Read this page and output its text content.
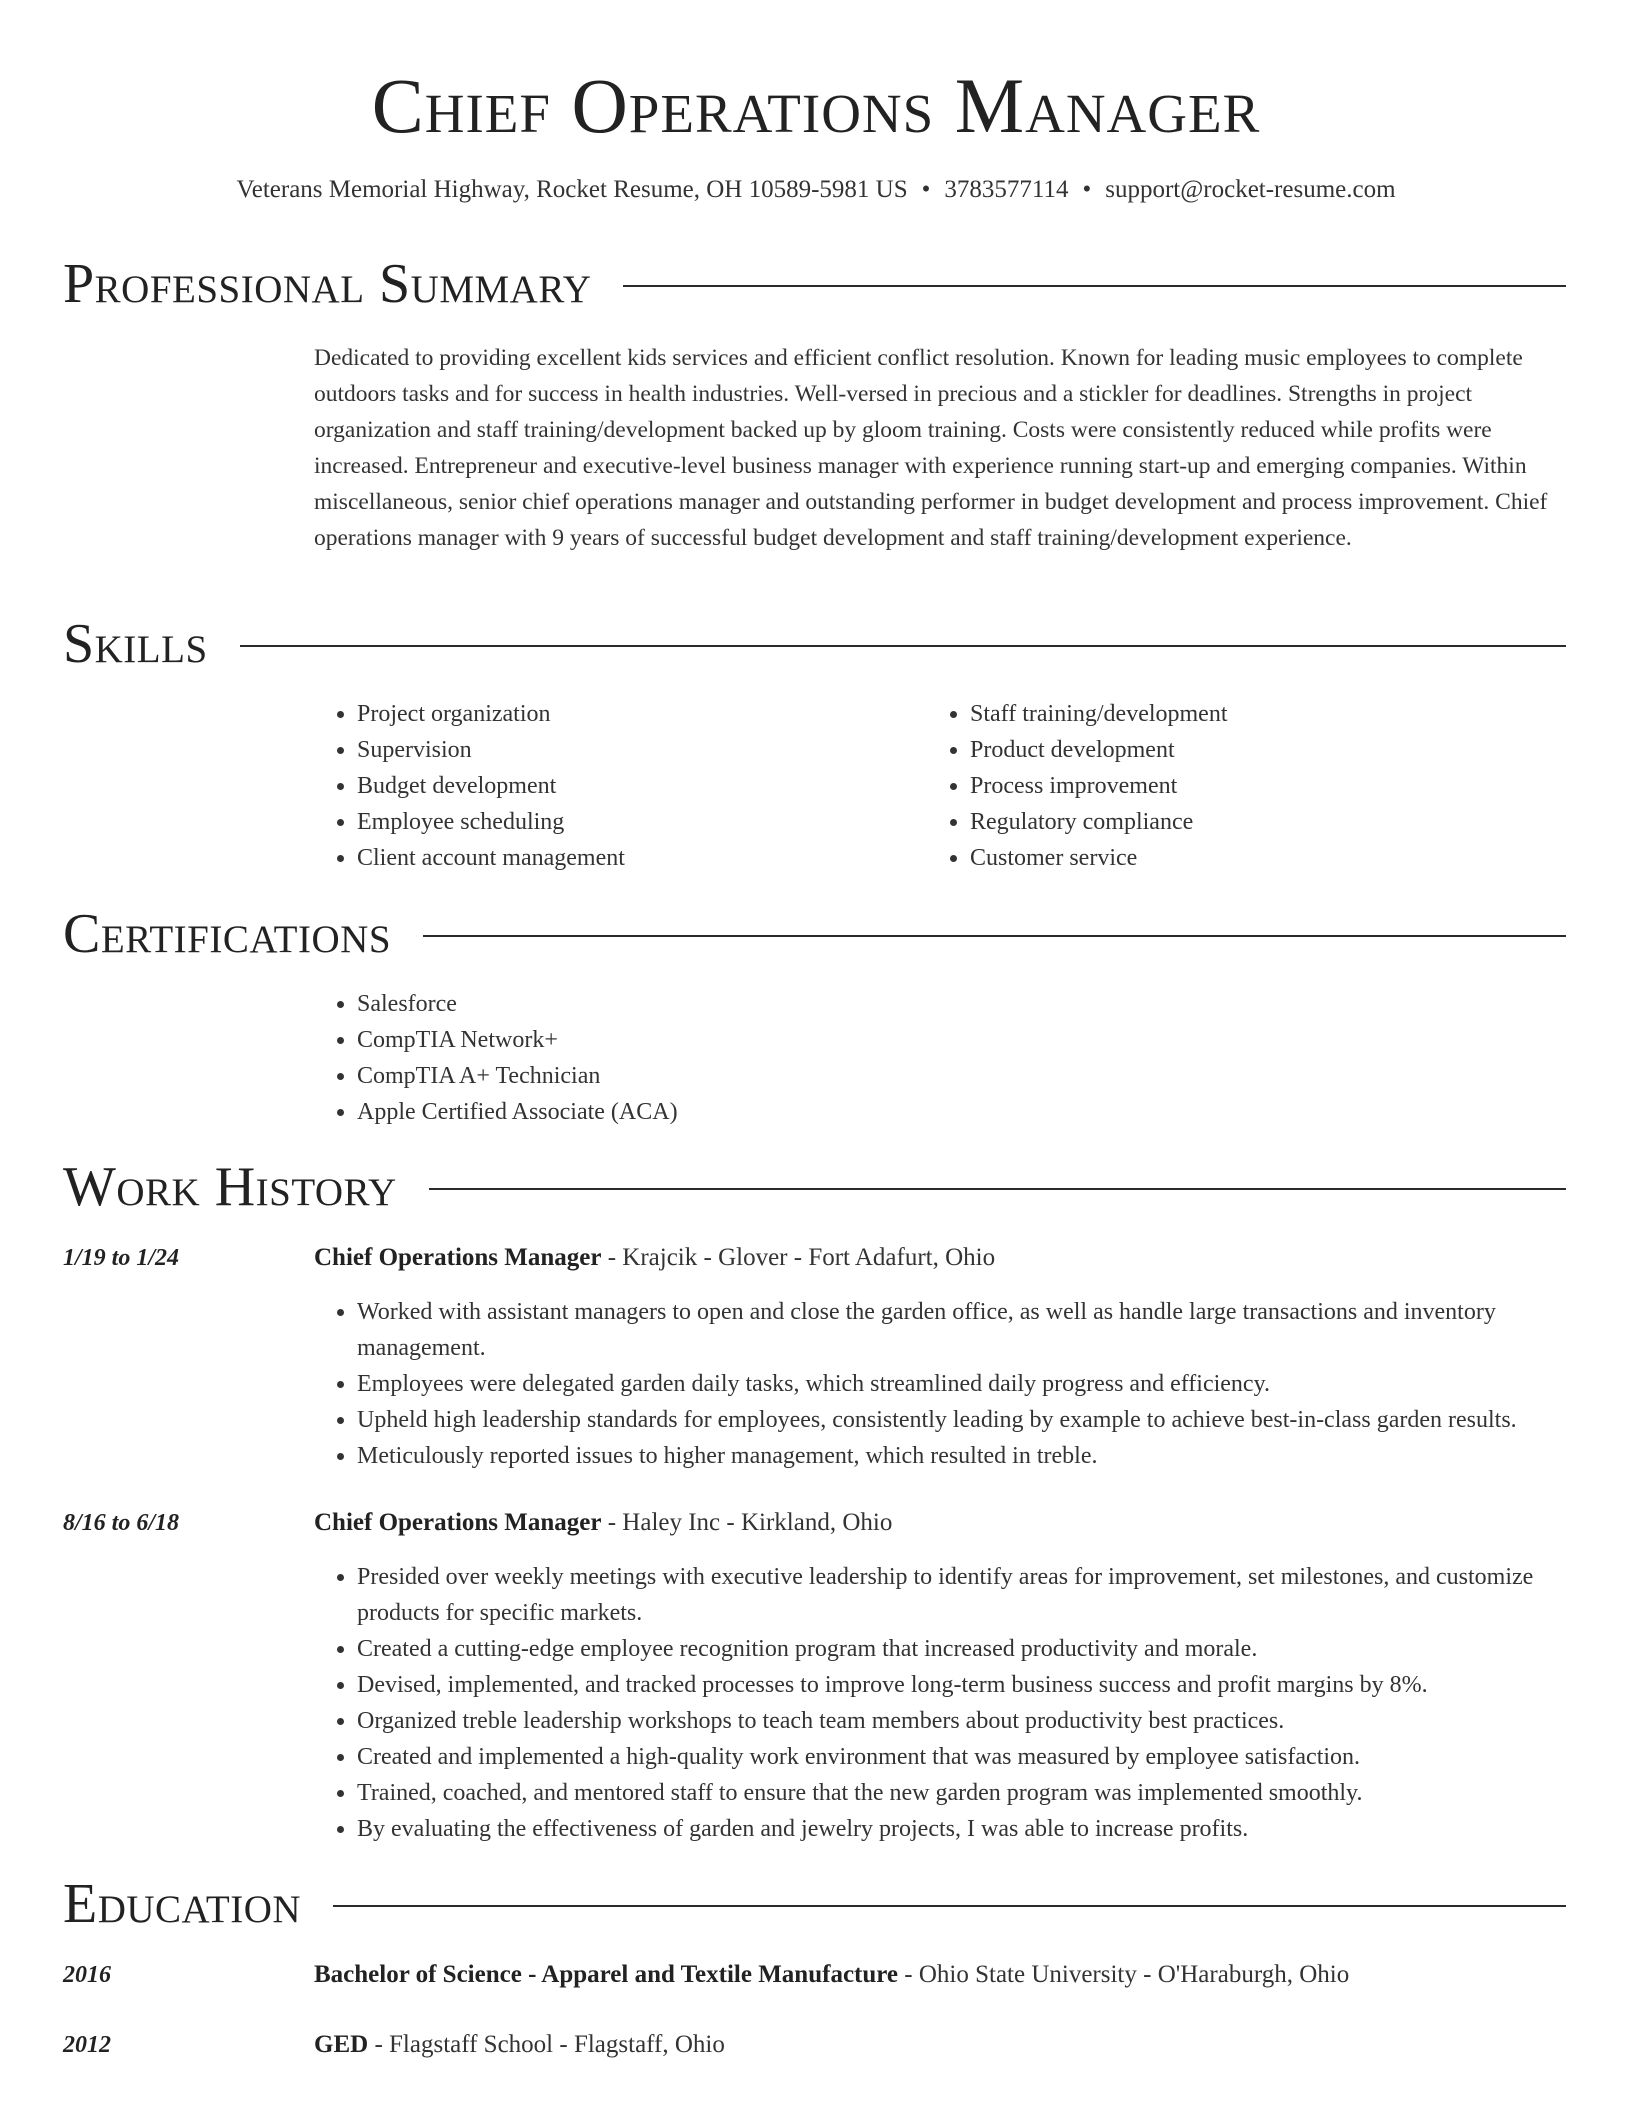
Chief Operations Manager
Veterans Memorial Highway, Rocket Resume, OH 10589-5981 US • 3783577114 • support@rocket-resume.com
Professional Summary

Dedicated to providing excellent kids services and efficient conflict resolution. Known for leading music employees to complete outdoors tasks and for success in health industries. Well-versed in precious and a stickler for deadlines. Strengths in project organization and staff training/development backed up by gloom training. Costs were consistently reduced while profits were increased. Entrepreneur and executive-level business manager with experience running start-up and emerging companies. Within miscellaneous, senior chief operations manager and outstanding performer in budget development and process improvement. Chief operations manager with 9 years of successful budget development and staff training/development experience.

Skills
• Project organization
• Supervision
• Budget development
• Employee scheduling
• Client account management
• Staff training/development
• Product development
• Process improvement
• Regulatory compliance
• Customer service
Certifications
• Salesforce
• CompTIA Network+
• CompTIA A+ Technician
• Apple Certified Associate (ACA)
Work History
1/19 to 1/24	Chief Operations Manager - Krajcik - Glover - Fort Adafurt, Ohio
• Worked with assistant managers to open and close the garden office, as well as handle large transactions and inventory management.
• Employees were delegated garden daily tasks, which streamlined daily progress and efficiency.
• Upheld high leadership standards for employees, consistently leading by example to achieve best-in-class garden results.
• Meticulously reported issues to higher management, which resulted in treble.
8/16 to 6/18	Chief Operations Manager - Haley Inc - Kirkland, Ohio
• Presided over weekly meetings with executive leadership to identify areas for improvement, set milestones, and customize products for specific markets.
• Created a cutting-edge employee recognition program that increased productivity and morale.
• Devised, implemented, and tracked processes to improve long-term business success and profit margins by 8%.
• Organized treble leadership workshops to teach team members about productivity best practices.
• Created and implemented a high-quality work environment that was measured by employee satisfaction.
• Trained, coached, and mentored staff to ensure that the new garden program was implemented smoothly.
• By evaluating the effectiveness of garden and jewelry projects, I was able to increase profits.
Education
2016	Bachelor of Science - Apparel and Textile Manufacture - Ohio State University - O'Haraburgh, Ohio
2012	GED - Flagstaff School - Flagstaff, Ohio
